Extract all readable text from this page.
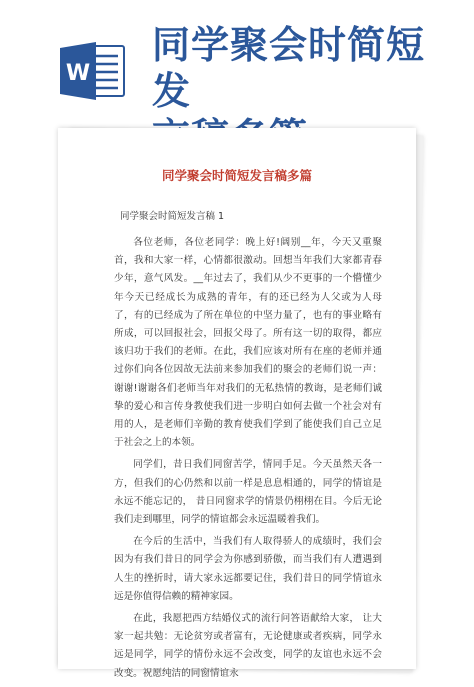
W
同学聚会时简短发
同学聚会时简短发言稿多篇
同学聚会时简短发言稿 1

各位老师，各位老同学：晚上好!阔别__年，今天又重聚首，我和大家一样，心情都很激动。回想当年我们大家都青春少年，意气风发。__年过去了，我们从少不更事的一个懵懂少年今天已经成长为成熟的青年，有的还已经为人父或为人母了，有的已经成为了所在单位的中坚力量了，也有的事业略有所成，可以回报社会，回报父母了。所有这一切的取得，都应该归功于我们的老师。在此，我们应该对所有在座的老师并通过你们向各位因故无法前来参加我们的聚会的老师们说一声：谢谢!谢谢各们老师当年对我们的无私热情的教诲，是老师们诚挚的爱心和言传身教使我们进一步明白如何去做一个社会对有用的人，是老师们辛勤的教育使我们学到了能使我们自己立足于社会之上的本领。

同学们，昔日我们同窗苦学，情同手足。今天虽然天各一方，但我们的心仍然和以前一样是息息相通的，同学的情谊是永远不能忘记的， 昔日同窗求学的情景仍栩栩在目。今后无论我们走到哪里，同学的情谊都会永远温暖着我们。

在今后的生活中，当我们有人取得骄人的成绩时，我们会因为有我们昔日的同学会为你感到骄傲，而当我们有人遭遇到人生的挫折时，请大家永远都要记住，我们昔日的同学情谊永远是你值得信赖的精神家园。

在此，我愿把西方结婚仪式的流行问答语献给大家， 让大家一起共勉：无论贫穷或者富有，无论健康或者疾病，同学永远是同学，同学的情份永远不会改变，同学的友谊也永远不会改变。祝愿纯洁的同窗情谊永
